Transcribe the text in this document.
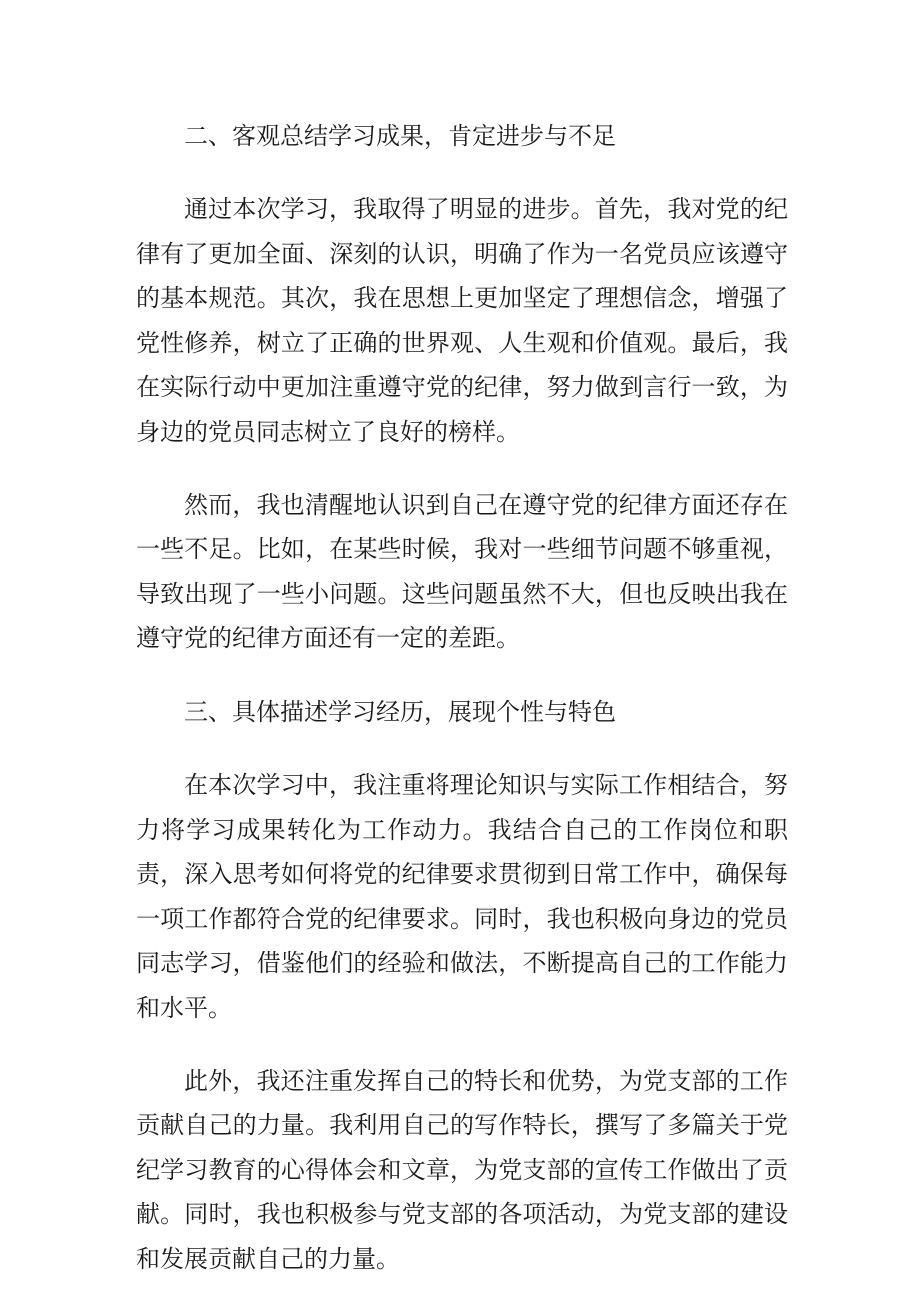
二、客观总结学习成果，肯定进步与不足

通过本次学习，我取得了明显的进步。首先，我对党的纪律有了更加全面、深刻的认识，明确了作为一名党员应该遵守的基本规范。其次，我在思想上更加坚定了理想信念，增强了党性修养，树立了正确的世界观、人生观和价值观。最后，我在实际行动中更加注重遵守党的纪律，努力做到言行一致，为身边的党员同志树立了良好的榜样。

然而，我也清醒地认识到自己在遵守党的纪律方面还存在一些不足。比如，在某些时候，我对一些细节问题不够重视，导致出现了一些小问题。这些问题虽然不大，但也反映出我在遵守党的纪律方面还有一定的差距。

三、具体描述学习经历，展现个性与特色

在本次学习中，我注重将理论知识与实际工作相结合，努力将学习成果转化为工作动力。我结合自己的工作岗位和职责，深入思考如何将党的纪律要求贯彻到日常工作中，确保每一项工作都符合党的纪律要求。同时，我也积极向身边的党员同志学习，借鉴他们的经验和做法，不断提高自己的工作能力和水平。

此外，我还注重发挥自己的特长和优势，为党支部的工作贡献自己的力量。我利用自己的写作特长，撰写了多篇关于党纪学习教育的心得体会和文章，为党支部的宣传工作做出了贡献。同时，我也积极参与党支部的各项活动，为党支部的建设和发展贡献自己的力量。
